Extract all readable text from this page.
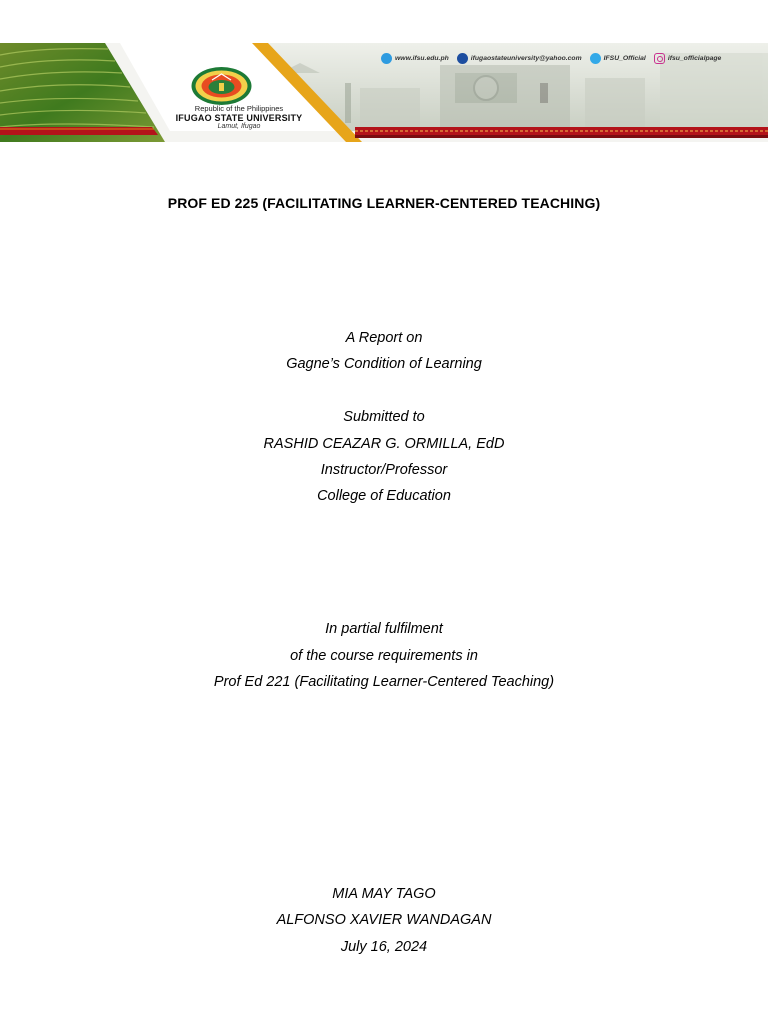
Republic of the Philippines
IFUGAO STATE UNIVERSITY
Lamut, Ifugao
www.ifsu.edu.ph	ifugaostateuniversity@yahoo.com	IFSU_Official	ifsu_officialpage
PROF ED 225 (FACILITATING LEARNER-CENTERED TEACHING)
A Report on
Gagne’s Condition of Learning
Submitted to
RASHID CEAZAR G. ORMILLA, EdD
Instructor/Professor
College of Education
In partial fulfilment
of the course requirements in
Prof Ed 221 (Facilitating Learner-Centered Teaching)
MIA MAY TAGO
ALFONSO XAVIER WANDAGAN
July 16, 2024
